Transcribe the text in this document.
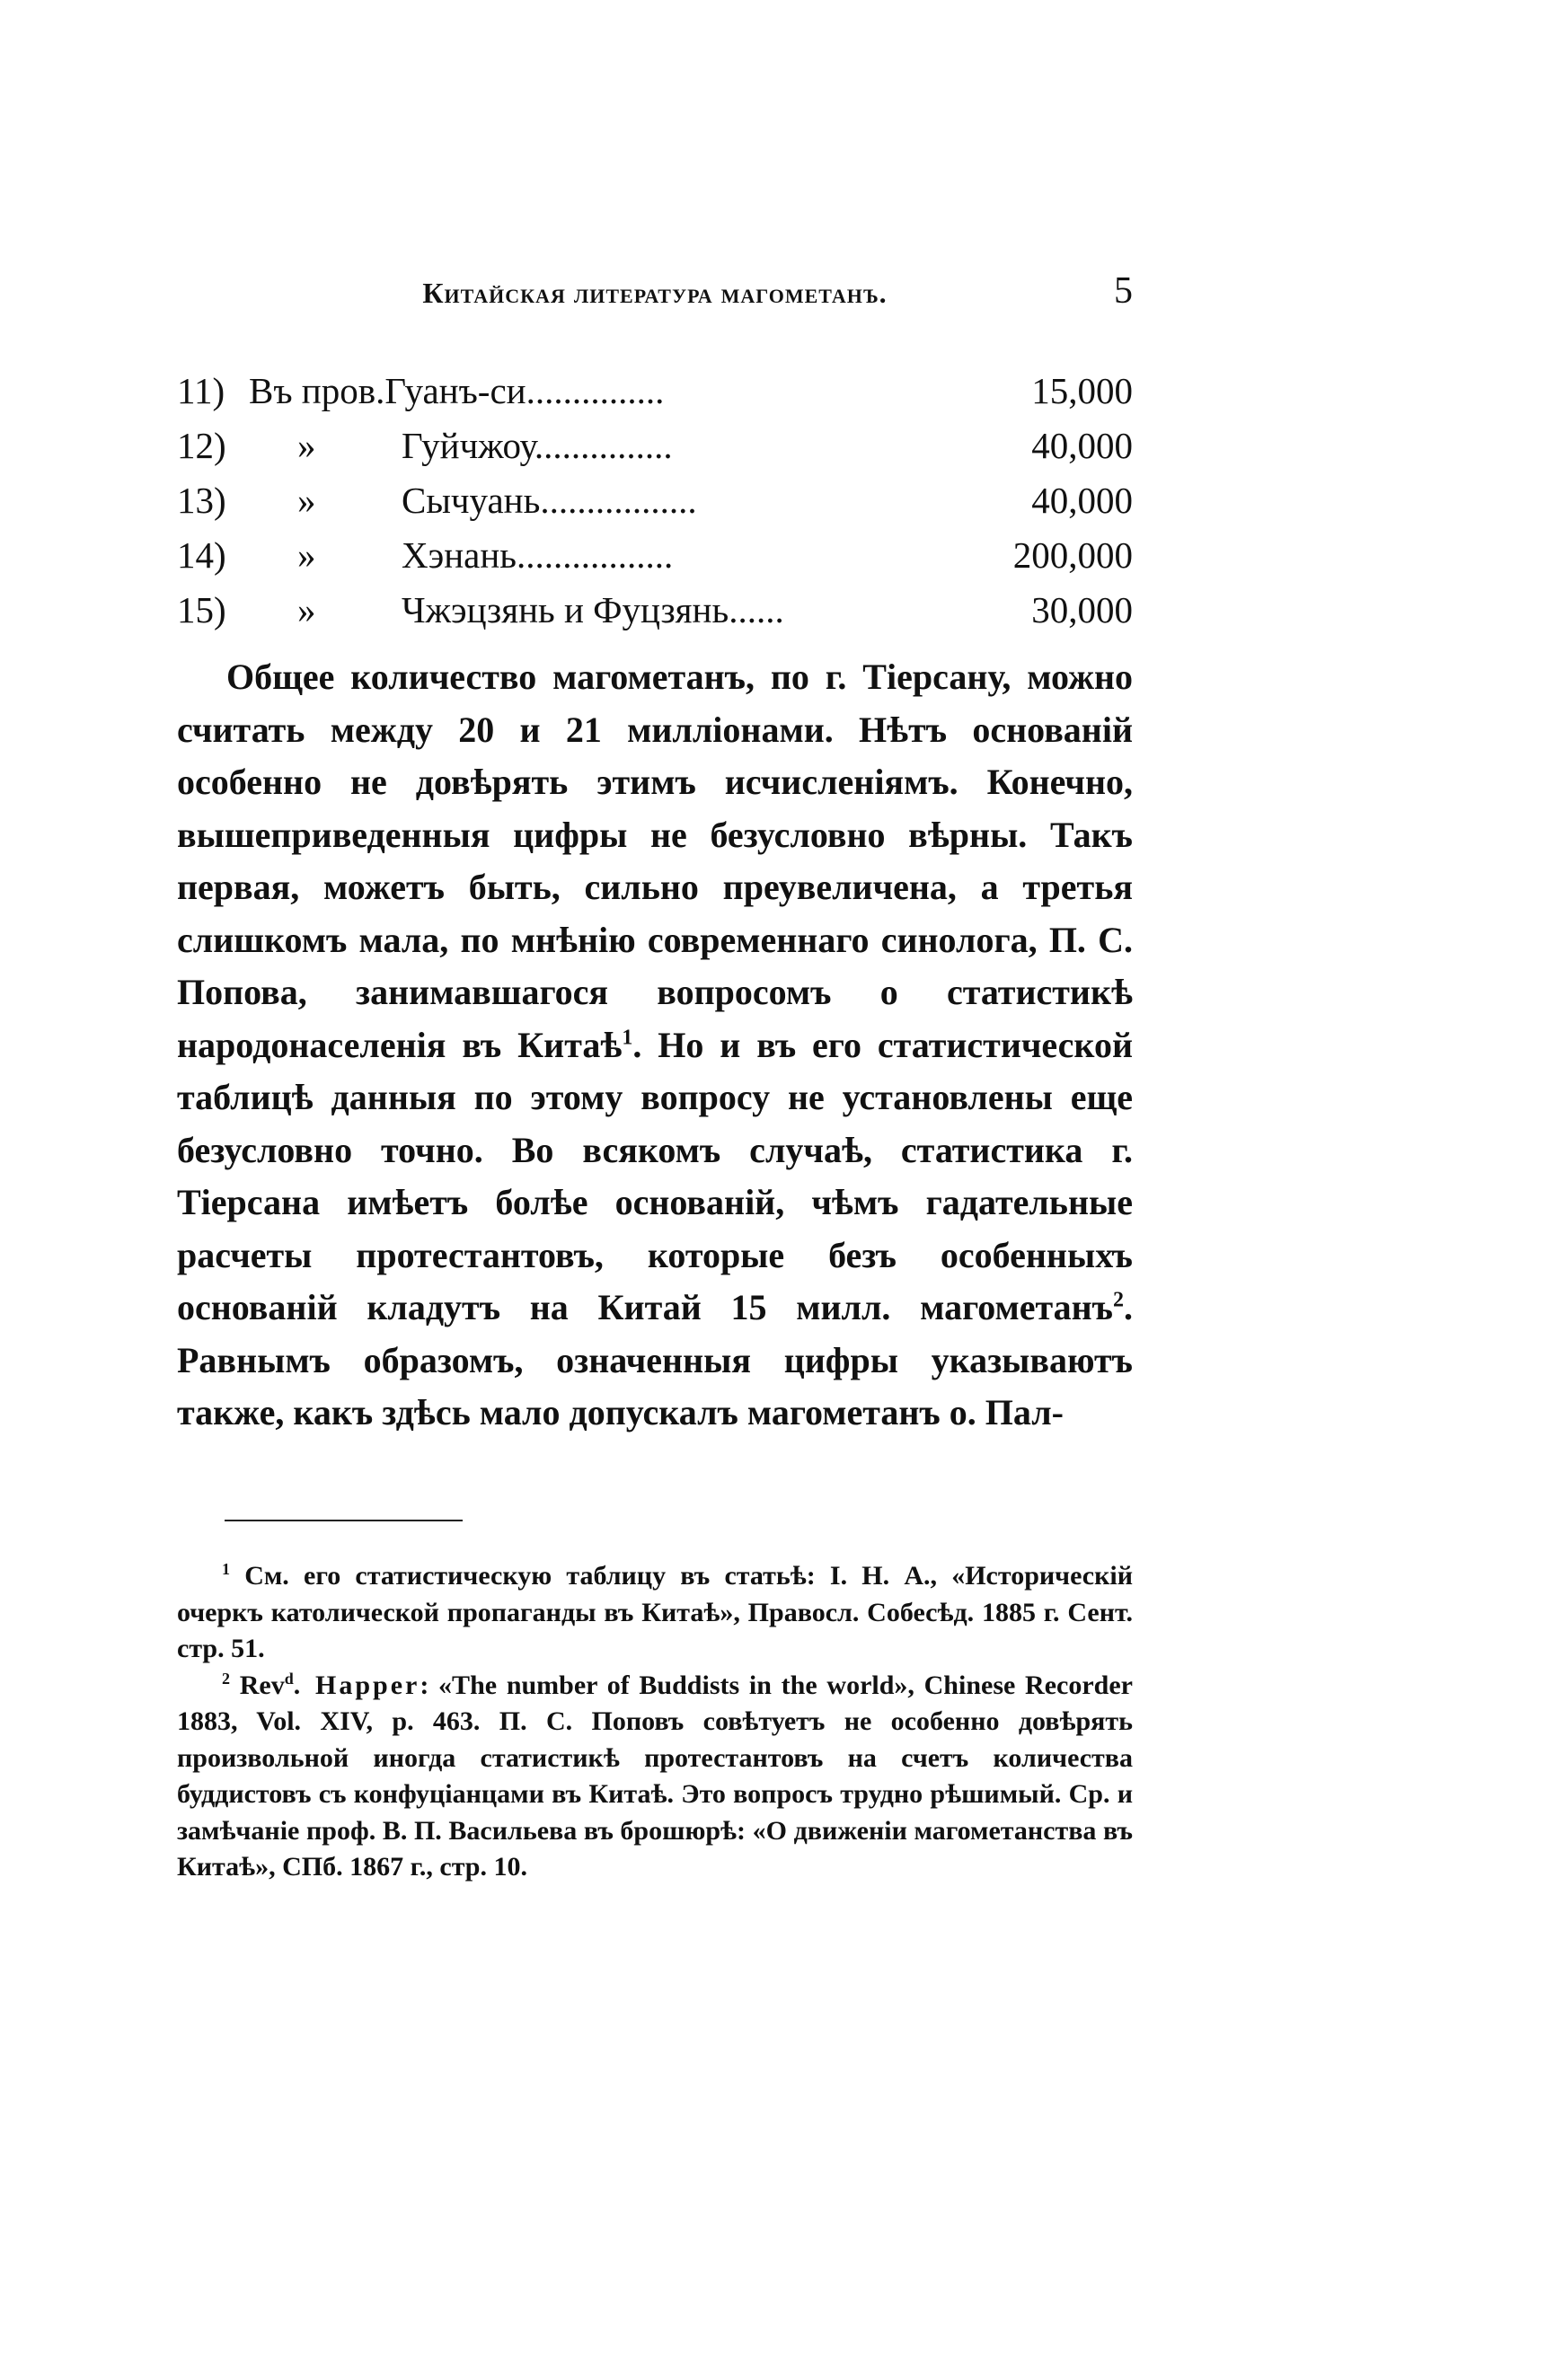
Китайская литература магометанъ.	5
11) Въ пров.Гуанъ-си...............	15,000
12)	»	Гуйчжоу...............	40,000
13)	»	Сычуань.................	40,000
14)	»	Хэнань.................	200,000
15)	»	Чжэцзянь и Фуцзянь......	30,000

Общее количество магометанъ, по г. Тіерсану, можно считать между 20 и 21 милліонами. Нѣтъ основаній особенно не довѣрять этимъ исчисленіямъ. Конечно, вышеприведенныя цифры не безусловно вѣрны. Такъ первая, можетъ быть, сильно преувеличена, а третья слишкомъ мала, по мнѣнію современнаго синолога, П. С. Попова, занимавшагося вопросомъ о статистикѣ народонаселенія въ Китаѣ$^1$. Но и въ его статистической таблицѣ данныя по этому вопросу не установлены еще безусловно точно. Во всякомъ случаѣ, статистика г. Тіерсана имѣетъ болѣе основаній, чѣмъ гадательные расчеты протестантовъ, которые безъ особенныхъ основаній кладутъ на Китай 15 милл. магометанъ$^2$. Равнымъ образомъ, означенныя цифры указываютъ также, какъ здѣсь мало допускалъ магометанъ о. Пал-

$^1$ См. его статистическую таблицу въ статьѣ: І. Н. А., «Историческій очеркъ католической пропаганды въ Китаѣ», Правосл. Собесѣд. 1885 г. Сент. стр. 51.

$^2$ Rev$^d$. Happer: «The number of Buddists in the world», Chinese Recorder 1883, Vol. XIV, p. 463. П. С. Поповъ совѣтуетъ не особенно довѣрять произвольной иногда статистикѣ протестантовъ на счетъ количества буддистовъ съ конфуціанцами въ Китаѣ. Это вопросъ трудно рѣшимый. Ср. и замѣчаніе проф. В. П. Васильева въ брошюрѣ: «О движеніи магометанства въ Китаѣ», СПб. 1867 г., стр. 10.
